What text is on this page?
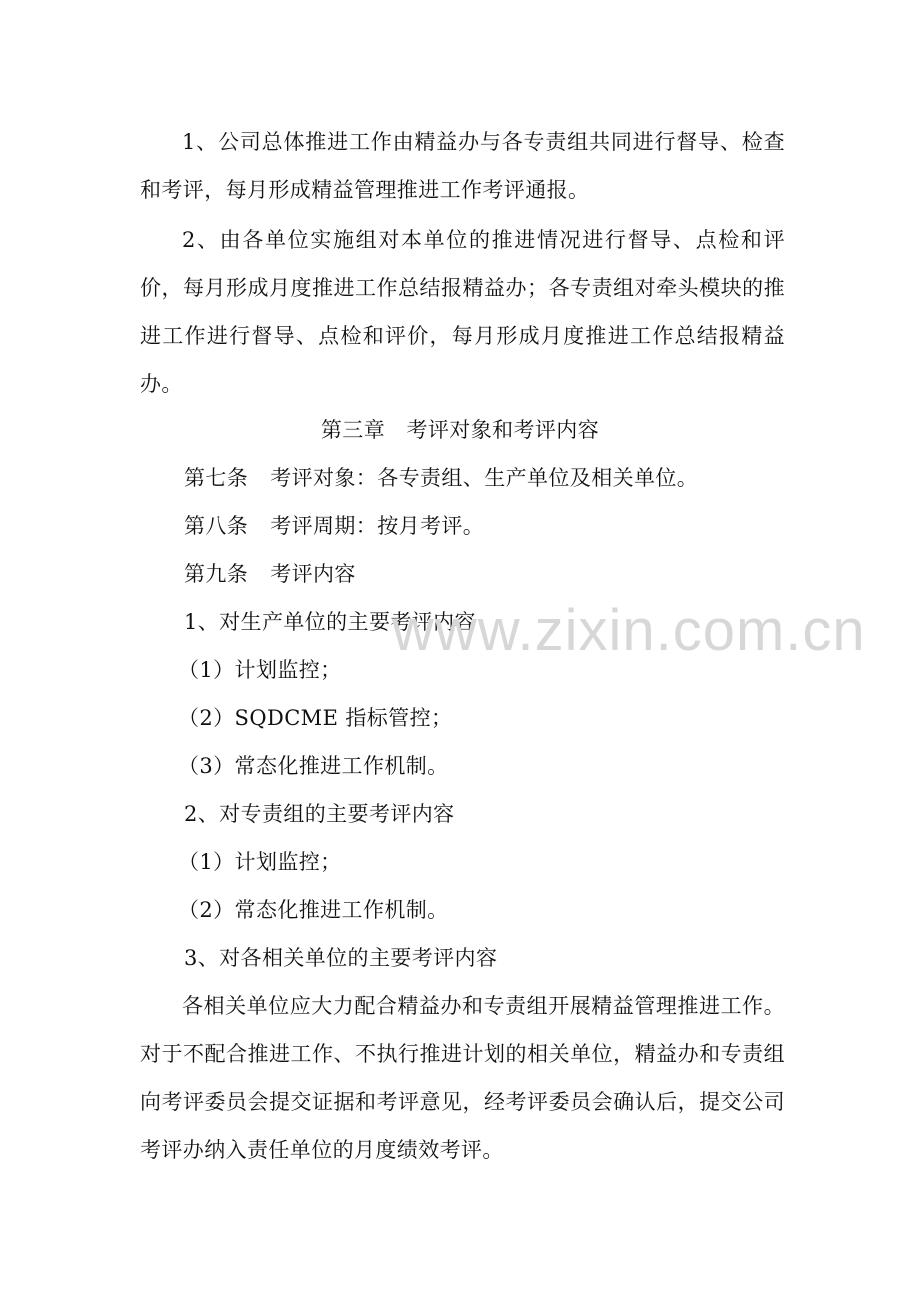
1、公司总体推进工作由精益办与各专责组共同进行督导、检查和考评，每月形成精益管理推进工作考评通报。

2、由各单位实施组对本单位的推进情况进行督导、点检和评价，每月形成月度推进工作总结报精益办；各专责组对牵头模块的推进工作进行督导、点检和评价，每月形成月度推进工作总结报精益办。

第三章　考评对象和考评内容
第七条 考评对象：各专责组、生产单位及相关单位。
第八条 考评周期：按月考评。
第九条 考评内容
1、对生产单位的主要考评内容
（1）计划监控；
（2）SQDCME 指标管控；
（3）常态化推进工作机制。
2、对专责组的主要考评内容
（1）计划监控；
（2）常态化推进工作机制。
3、对各相关单位的主要考评内容

各相关单位应大力配合精益办和专责组开展精益管理推进工作。对于不配合推进工作、不执行推进计划的相关单位，精益办和专责组向考评委员会提交证据和考评意见，经考评委员会确认后，提交公司考评办纳入责任单位的月度绩效考评。

www.zixin.com.cn
